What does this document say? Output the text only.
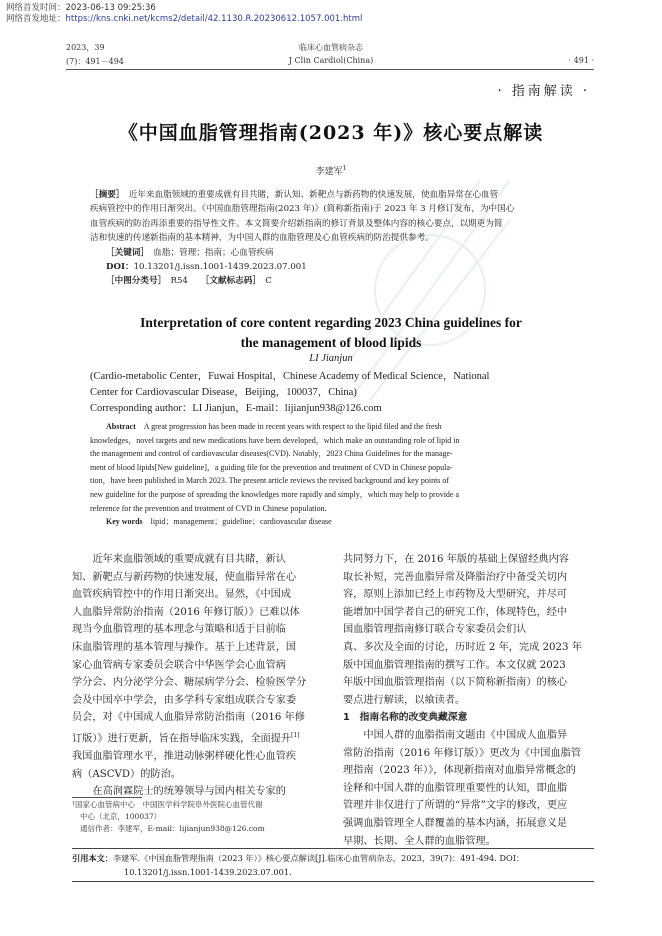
网络首发时间：2023-06-13 09:25:36
网络首发地址：https://kns.cnki.net/kcms2/detail/42.1130.R.20230612.1057.001.html
2023，39
(7)：491－494
临床心血管病杂志
J Clin Cardiol(China)	· 491 ·
· 指南解读 ·
《中国血脂管理指南(2023 年)》核心要点解读
李建军$^1$
［摘要］　 近年来血脂领域的重要成就有目共睹，新认知、新靶点与新药物的快速发展，使血脂异常在心血管
疾病管控中的作用日渐突出。《中国血脂管理指南(2023 年)》(简称新指南)于 2023 年 3 月修订发布，为中国心
血管疾病的防治再添重要的指导性文件。本文简要介绍新指南的修订背景及整体内容的核心要点，以期更为简
洁和快速的传递新指南的基本精神，为中国人群的血脂管理及心血管疾病的防治提供参考。
［关键词］　 血脂；管理；指南；心血管疾病
DOI：10.13201/j.issn.1001-1439.2023.07.001
［中图分类号］　 R54　　 ［文献标志码］　 C
Interpretation of core content regarding 2023 China guidelines for
the management of blood lipids
LI Jianjun
(Cardio-metabolic Center，Fuwai Hospital，Chinese Academy of Medical Science，National
Center for Cardiovascular Disease，Beijing，100037，China)
Corresponding author：LI Jianjun，E-mail：lijianjun938@126.com
Abstract　 A great progression has been made in recent years with respect to the lipid filed and the fresh
knowledges，novel targets and new medications have been developed，which make an outstanding role of lipid in
the management and control of cardiovascular diseases(CVD). Notably，2023 China Guidelines for the manage-
ment of blood lipids[New guideline]，a guiding file for the prevention and treatment of CVD in Chinese popula-
tion，have been published in March 2023. The present article reviews the revised background and key points of
new guideline for the purpose of spreading the knowledges more rapidly and simply，which may help to provide a
reference for the prevention and treatment of CVD in Chinese population.
Key words　 lipid；management；guideline；cardiovascular disease
近年来血脂领域的重要成就有目共睹，新认
知、新靶点与新药物的快速发展，使血脂异常在心
血管疾病管控中的作用日渐突出。显然，《中国成
人血脂异常防治指南（2016 年修订版）》已难以体
现当今血脂管理的基本理念与策略和适于目前临
床血脂管理的基本管理与操作。基于上述背景，国
家心血管病专家委员会联合中华医学会心血管病
学分会、内分泌学分会、糖尿病学分会、检验医学分
会及中国卒中学会，由多学科专家组成联合专家委
员会，对《中国成人血脂异常防治指南（2016 年修
订版）》进行更新，旨在指导临床实践，全面提升[1]
我国血脂管理水平，推进动脉粥样硬化性心血管疾
病（ASCVD）的防治。
在高润霖院士的统筹领导与国内相关专家的
¹国家心血管病中心　中国医学科学院阜外医院心血管代谢
中心（北京，100037）
通信作者：李建军，E-mail：lijianjun938@126.com
共同努力下，在 2016 年版的基础上保留经典内容
取长补短，完善血脂异常及降脂治疗中备受关切内
容，原则上添加已经上市药物及大型研究，并尽可
能增加中国学者自己的研究工作，体现特色，经中
国血脂管理指南修订联合专家委员会们认
真、多次及全面的讨论，历时近 2 年，完成 2023 年
版中国血脂管理指南的撰写工作。本文仅就 2023
年版中国血脂管理指南（以下简称新指南）的核心
要点进行解读，以飨读者。
1　指南名称的改变典藏深意
中国人群的血脂指南文题由《中国成人血脂异
常防治指南（2016 年修订版）》更改为《中国血脂管
理指南（2023 年）》，体现新指南对血脂异常概念的
诠释和中国人群的血脂管理重要性的认知，即血脂
管理并非仅进行了所谓的“异常”文字的修改，更应
强调血脂管理全人群覆盖的基本内涵，拓展意义是
早期、长期、全人群的血脂管理。
引用本文：李建军.《中国血脂管理指南（2023 年）》核心要点解读[J].临床心血管病杂志，2023，39(7)：491-494. DOI：
10.13201/j.issn.1001-1439.2023.07.001.
